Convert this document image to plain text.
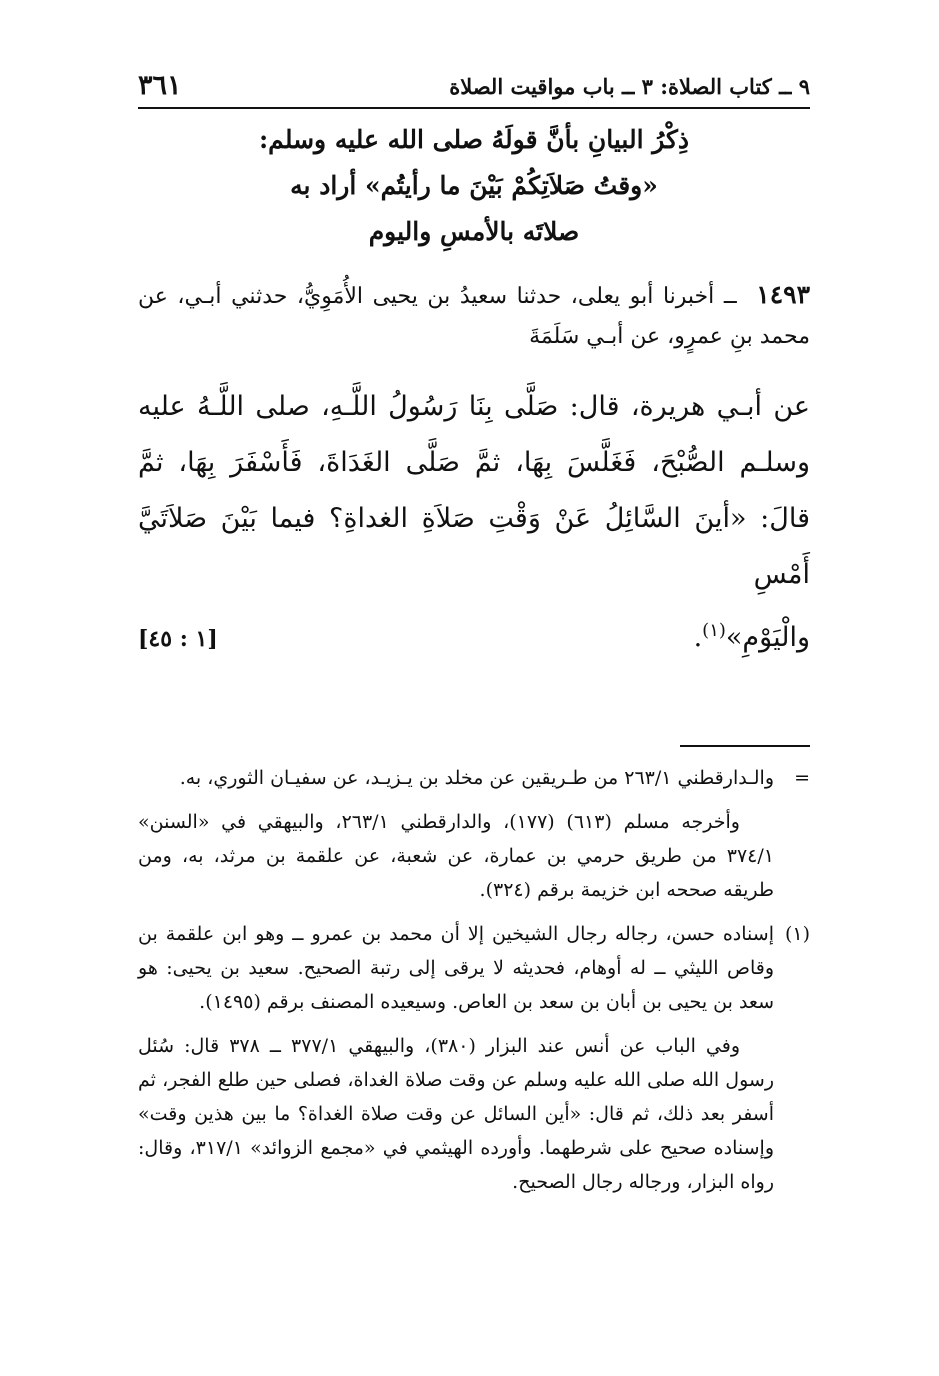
٩ ــ كتاب الصلاة: ٣ ــ باب مواقيت الصلاة
٣٦١
ذِكْرُ البيانِ بأنَّ قولَهُ صلى الله عليه وسلم:
«وقتُ صَلاَتِكُمْ بَيْنَ ما رأيتُم» أراد به
صلاتَه بالأمسِ واليوم

١٤٩٣ ــ أخبرنا أبو يعلى، حدثنا سعيدُ بن يحيى الأُمَوِيُّ، حدثني أبـي، عن محمد بنِ عمرٍو، عن أبـي سَلَمَةَ

عن أبـي هريرة، قال: صَلَّى بِنَا رَسُولُ اللَّـهِ، صلى اللَّـهُ عليه وسلـم الصُّبْحَ، فَغَلَّسَ بِهَا، ثمَّ صَلَّى الغَدَاةَ، فَأَسْفَرَ بِهَا، ثمَّ قالَ: «أينَ السَّائِلُ عَنْ وَقْتِ صَلاَةِ الغداةِ؟ فيما بَيْنَ صَلاَتَيَّ أَمْسِ

والْيَوْمِ»$^{(١)}$.
[١ : ٤٥]
=
والـدارقطني ٢٦٣/١ من طـريقين عن مخلد بن يـزيـد، عن سفيـان الثوري، به.
وأخرجه مسلم (٦١٣) (١٧٧)، والدارقطني ٢٦٣/١، والبيهقي في «السنن» ٣٧٤/١ من طريق حرمي بن عمارة، عن شعبة، عن علقمة بن مرثد، به، ومن طريقه صححه ابن خزيمة برقم (٣٢٤).
(١)
إسناده حسن، رجاله رجال الشيخين إلا أن محمد بن عمرو ــ وهو ابن علقمة بن وقاص الليثي ــ له أوهام، فحديثه لا يرقى إلى رتبة الصحيح. سعيد بن يحيى: هو سعد بن يحيى بن أبان بن سعد بن العاص. وسيعيده المصنف برقم (١٤٩٥).
وفي الباب عن أنس عند البزار (٣٨٠)، والبيهقي ٣٧٧/١ ــ ٣٧٨ قال: سُئل رسول الله صلى الله عليه وسلم عن وقت صلاة الغداة، فصلى حين طلع الفجر، ثم أسفر بعد ذلك، ثم قال: «أين السائل عن وقت صلاة الغداة؟ ما بين هذين وقت» وإسناده صحيح على شرطهما. وأورده الهيثمي في «مجمع الزوائد» ٣١٧/١، وقال: رواه البزار، ورجاله رجال الصحيح.
